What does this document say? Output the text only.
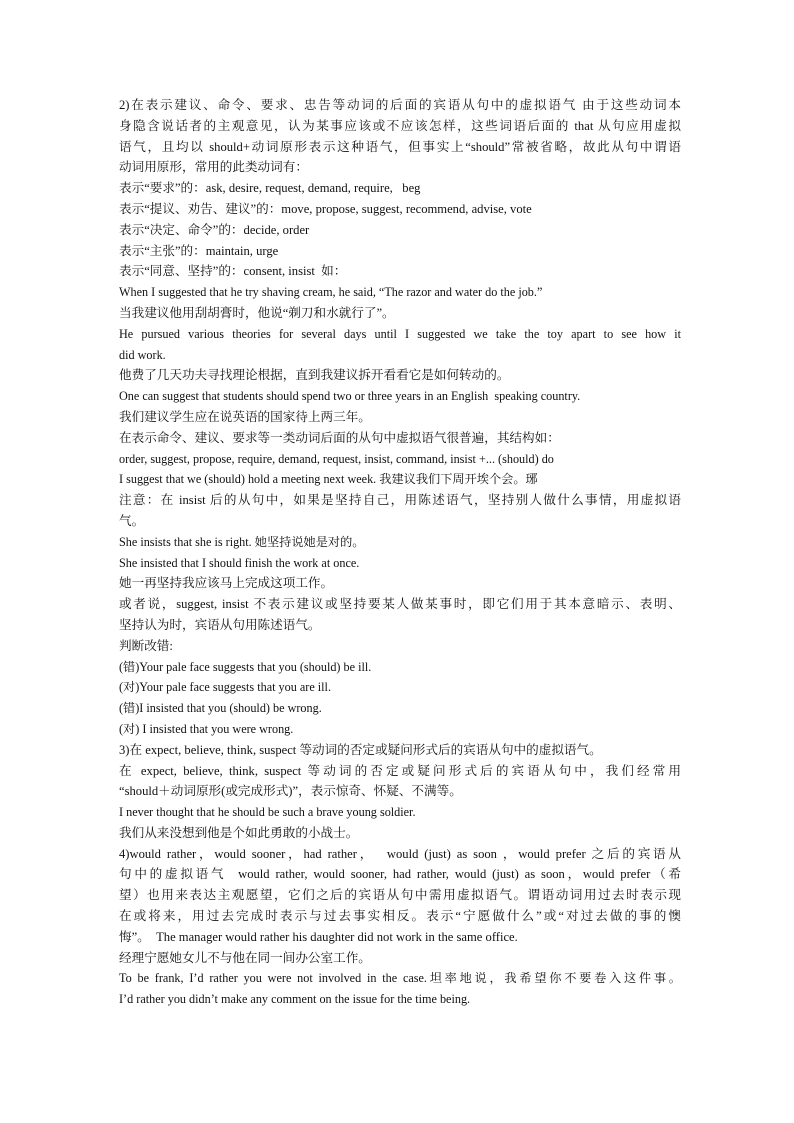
2)在表示建议、命令、要求、忠告等动词的后面的宾语从句中的虚拟语气 由于这些动词本
身隐含说话者的主观意见，认为某事应该或不应该怎样，这些词语后面的 that 从句应用虚拟
语气，且均以 should+动词原形表示这种语气，但事实上“should”常被省略，故此从句中谓语
动词用原形，常用的此类动词有：
表示“要求”的：ask, desire, request, demand, require,   beg
表示“提议、劝告、建议”的：move, propose, suggest, recommend, advise, vote
表示“决定、命令”的：decide, order
表示“主张”的：maintain, urge
表示“同意、坚持”的：consent, insist  如：
When I suggested that he try shaving cream, he said, “The razor and water do the job.”
当我建议他用刮胡膏时，他说“剃刀和水就行了”。
He pursued various theories for several days until I suggested we take the toy apart to see how it
did work.
他费了几天功夫寻找理论根据，直到我建议拆开看看它是如何转动的。
One can suggest that students should spend two or three years in an English  speaking country.
我们建议学生应在说英语的国家待上两三年。
在表示命令、建议、要求等一类动词后面的从句中虚拟语气很普遍，其结构如：
order, suggest, propose, require, demand, request, insist, command, insist +... (should) do
I suggest that we (should) hold a meeting next week. 我建议我们下周开埃个会。琊
注意：在 insist 后的从句中，如果是坚持自己，用陈述语气，坚持别人做什么事情，用虚拟语
气。
She insists that she is right. 她坚持说她是对的。
She insisted that I should finish the work at once.
她一再坚持我应该马上完成这项工作。
或者说，suggest, insist 不表示建议或坚持要某人做某事时，即它们用于其本意暗示、表明、
坚持认为时，宾语从句用陈述语气。
判断改错:
(错)Your pale face suggests that you (should) be ill.
(对)Your pale face suggests that you are ill.
(错)I insisted that you (should) be wrong.
(对) I insisted that you were wrong.
3)在 expect, believe, think, suspect 等动词的否定或疑问形式后的宾语从句中的虚拟语气。
在 expect, believe, think, suspect 等动词的否定或疑问形式后的宾语从句中，我们经常用
“should＋动词原形(或完成形式)”，表示惊奇、怀疑、不满等。
I never thought that he should be such a brave young soldier.
我们从来没想到他是个如此勇敢的小战士。
4)would rather，would sooner，had rather，  would (just) as soon ，would prefer 之后的宾语从
句中的虚拟语气  would rather, would sooner, had rather, would (just) as soon，would prefer（希
望）也用来表达主观愿望，它们之后的宾语从句中需用虚拟语气。谓语动词用过去时表示现
在或将来，用过去完成时表示与过去事实相反。表示“宁愿做什么”或“对过去做的事的懊
悔”。  The manager would rather his daughter did not work in the same office.
经理宁愿她女儿不与他在同一间办公室工作。
To be frank, I’d rather you were not involved in the case.坦率地说，我希望你不要卷入这件事。
I’d rather you didn’t make any comment on the issue for the time being.
